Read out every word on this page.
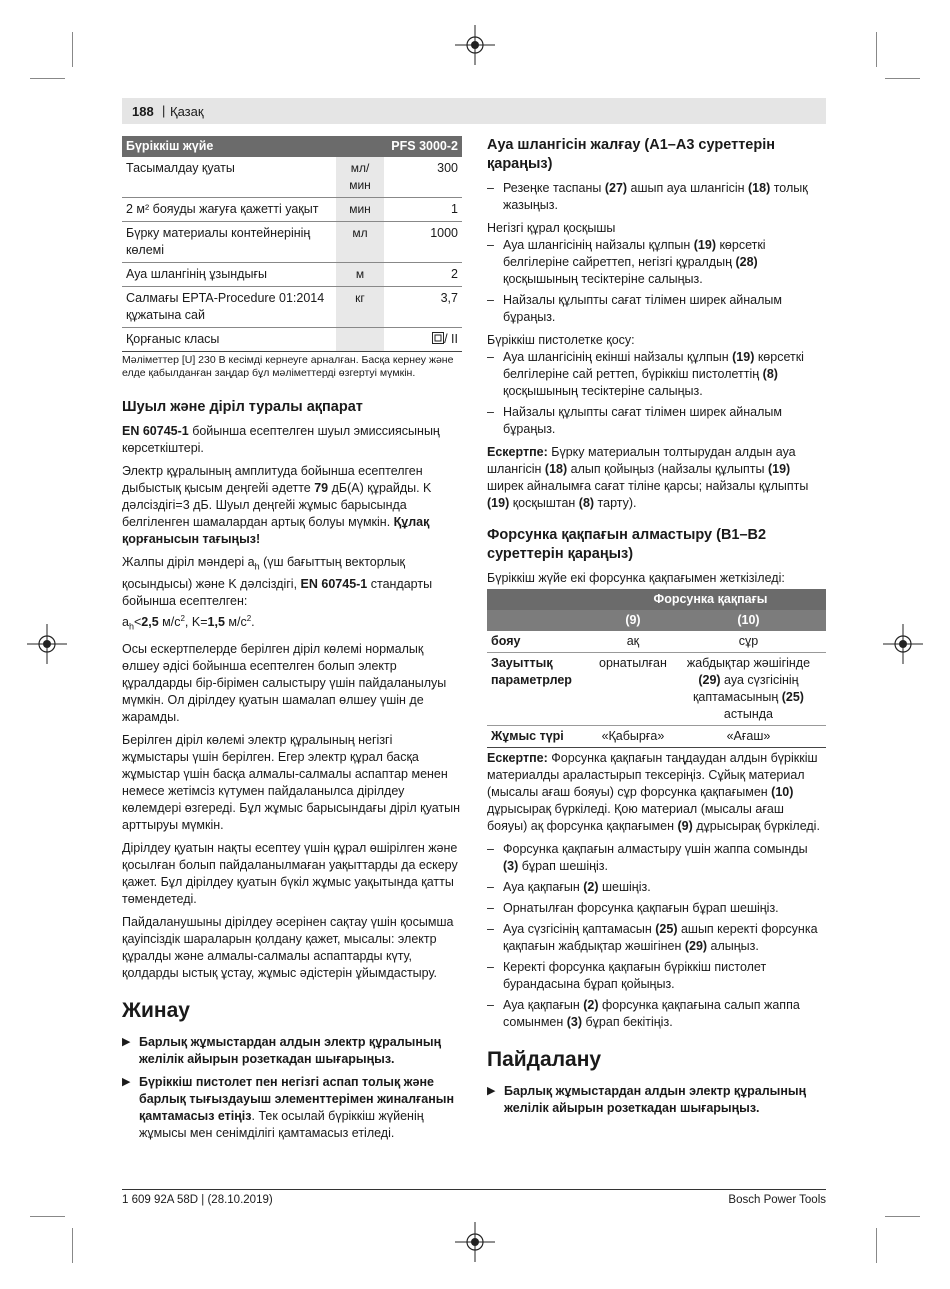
188 | Қазақ
Бүріккіш жүйе		PFS 3000-2
Тасымалдау қуаты	мл/мин	300
2 м² бояуды жағуға қажетті уақыт	мин	1
Бүрку материалы контейнерінің көлемі	мл	1000
Ауа шлангінің ұзындығы	м	2
Салмағы EPTA-Procedure 01:2014 құжатына сай	кг	3,7
Қорғаныс класы		/ II
Мәліметтер [U] 230 В кесімді кернеуге арналған. Басқа кернеу және елде қабылданған заңдар бұл мәліметтерді өзгертуі мүмкін.
Шуыл және діріл туралы ақпарат

EN 60745-1 бойынша есептелген шуыл эмиссиясының көрсеткіштері.

Электр құралының амплитуда бойынша есептелген дыбыстық қысым деңгейі әдетте 79 дБ(A) құрайды. K дәлсіздігі=3 дБ. Шуыл деңгейі жұмыс барысында белгіленген шамалардан артық болуы мүмкін. Құлақ қорғанысын тағыңыз!

Жалпы діріл мәндері $a_h$ (үш бағыттың векторлық қосындысы) және K дәлсіздігі, EN 60745-1 стандарты бойынша есептелген:

$a_h<2,5$ $м/с^2$, K=1,5 $м/с^2$.

Осы ескертпелерде берілген діріл көлемі нормалық өлшеу әдісі бойынша есептелген болып электр құралдарды бір-бірімен салыстыру үшін пайдаланылуы мүмкін. Ол дірілдеу қуатын шамалап өлшеу үшін де жарамды.

Берілген діріл көлемі электр құралының негізгі жұмыстары үшін берілген. Егер электр құрал басқа жұмыстар үшін басқа алмалы-салмалы аспаптар менен немесе жетімсіз күтумен пайдаланылса дірілдеу көлемдері өзгереді. Бұл жұмыс барысындағы діріл қуатын арттыруы мүмкін.

Дірілдеу қуатын нақты есептеу үшін құрал өшірілген және қосылған болып пайдаланылмаған уақыттарды да ескеру қажет. Бұл дірілдеу қуатын бүкіл жұмыс уақытында қатты төмендетеді.

Пайдаланушыны дірілдеу әсерінен сақтау үшін қосымша қауіпсіздік шараларын қолдану қажет, мысалы: электр құралды және алмалы-салмалы аспаптарды күту, қолдарды ыстық ұстау, жұмыс әдістерін ұйымдастыру.

Жинау
▶ Барлық жұмыстардан алдын электр құралының желілік айырын розеткадан шығарыңыз.
▶ Бүріккіш пистолет пен негізгі аспап толық және барлық тығыздауыш элементтерімен жиналғанын қамтамасыз етіңіз. Тек осылай бүріккіш жүйенің жұмысы мен сенімділігі қамтамасыз етіледі.
Ауа шлангісін жалғау (A1–A3 суреттерін қараңыз)
– Резеңке таспаны (27) ашып ауа шлангісін (18) толық жазыңыз.

Негізгі құрал қосқышы

– Ауа шлангісінің найзалы құлпын (19) көрсеткі белгілеріне сайреттеп, негізгі құралдың (28) қосқышының тесіктеріне салыңыз.
– Найзалы құлыпты сағат тілімен ширек айналым бұраңыз.

Бүріккіш пистолетке қосу:

– Ауа шлангісінің екінші найзалы құлпын (19) көрсеткі белгілеріне сай реттеп, бүріккіш пистолеттің (8) қосқышының тесіктеріне салыңыз.
– Найзалы құлыпты сағат тілімен ширек айналым бұраңыз.

Ескертпе: Бүрку материалын толтырудан алдын ауа шлангісін (18) алып қойыңыз (найзалы құлыпты (19) ширек айналымға сағат тіліне қарсы; найзалы құлыпты (19) қосқыштан (8) тарту).

Форсунка қақпағын алмастыру (B1–B2 суреттерін қараңыз)

Бүріккіш жүйе екі форсунка қақпағымен жеткізіледі:

	Форсунка қақпағы	
	(9)	(10)
бояу	ақ	сұр
Зауыттық параметрлер	орнатылған	жабдықтар жәшігінде (29) ауа сүзгісінің қаптамасының (25) астында
Жұмыс түрі	«Қабырға»	«Ағаш»

Ескертпе: Форсунка қақпағын таңдаудан алдын бүріккіш материалды араластырып тексеріңіз. Сұйық материал (мысалы ағаш бояуы) сұр форсунка қақпағымен (10) дұрысырақ бүркіледі. Қою материал (мысалы ағаш бояуы) ақ форсунка қақпағымен (9) дұрысырақ бүркіледі.

– Форсунка қақпағын алмастыру үшін жаппа сомынды (3) бұрап шешіңіз.
– Ауа қақпағын (2) шешіңіз.
– Орнатылған форсунка қақпағын бұрап шешіңіз.
– Ауа сүзгісінің қаптамасын (25) ашып керекті форсунка қақпағын жабдықтар жәшігінен (29) алыңыз.
– Керекті форсунка қақпағын бүріккіш пистолет бурандасына бұрап қойыңыз.
– Ауа қақпағын (2) форсунка қақпағына салып жаппа сомынмен (3) бұрап бекітіңіз.
Пайдалану
▶ Барлық жұмыстардан алдын электр құралының желілік айырын розеткадан шығарыңыз.
1 609 92A 58D | (28.10.2019)	Bosch Power Tools
